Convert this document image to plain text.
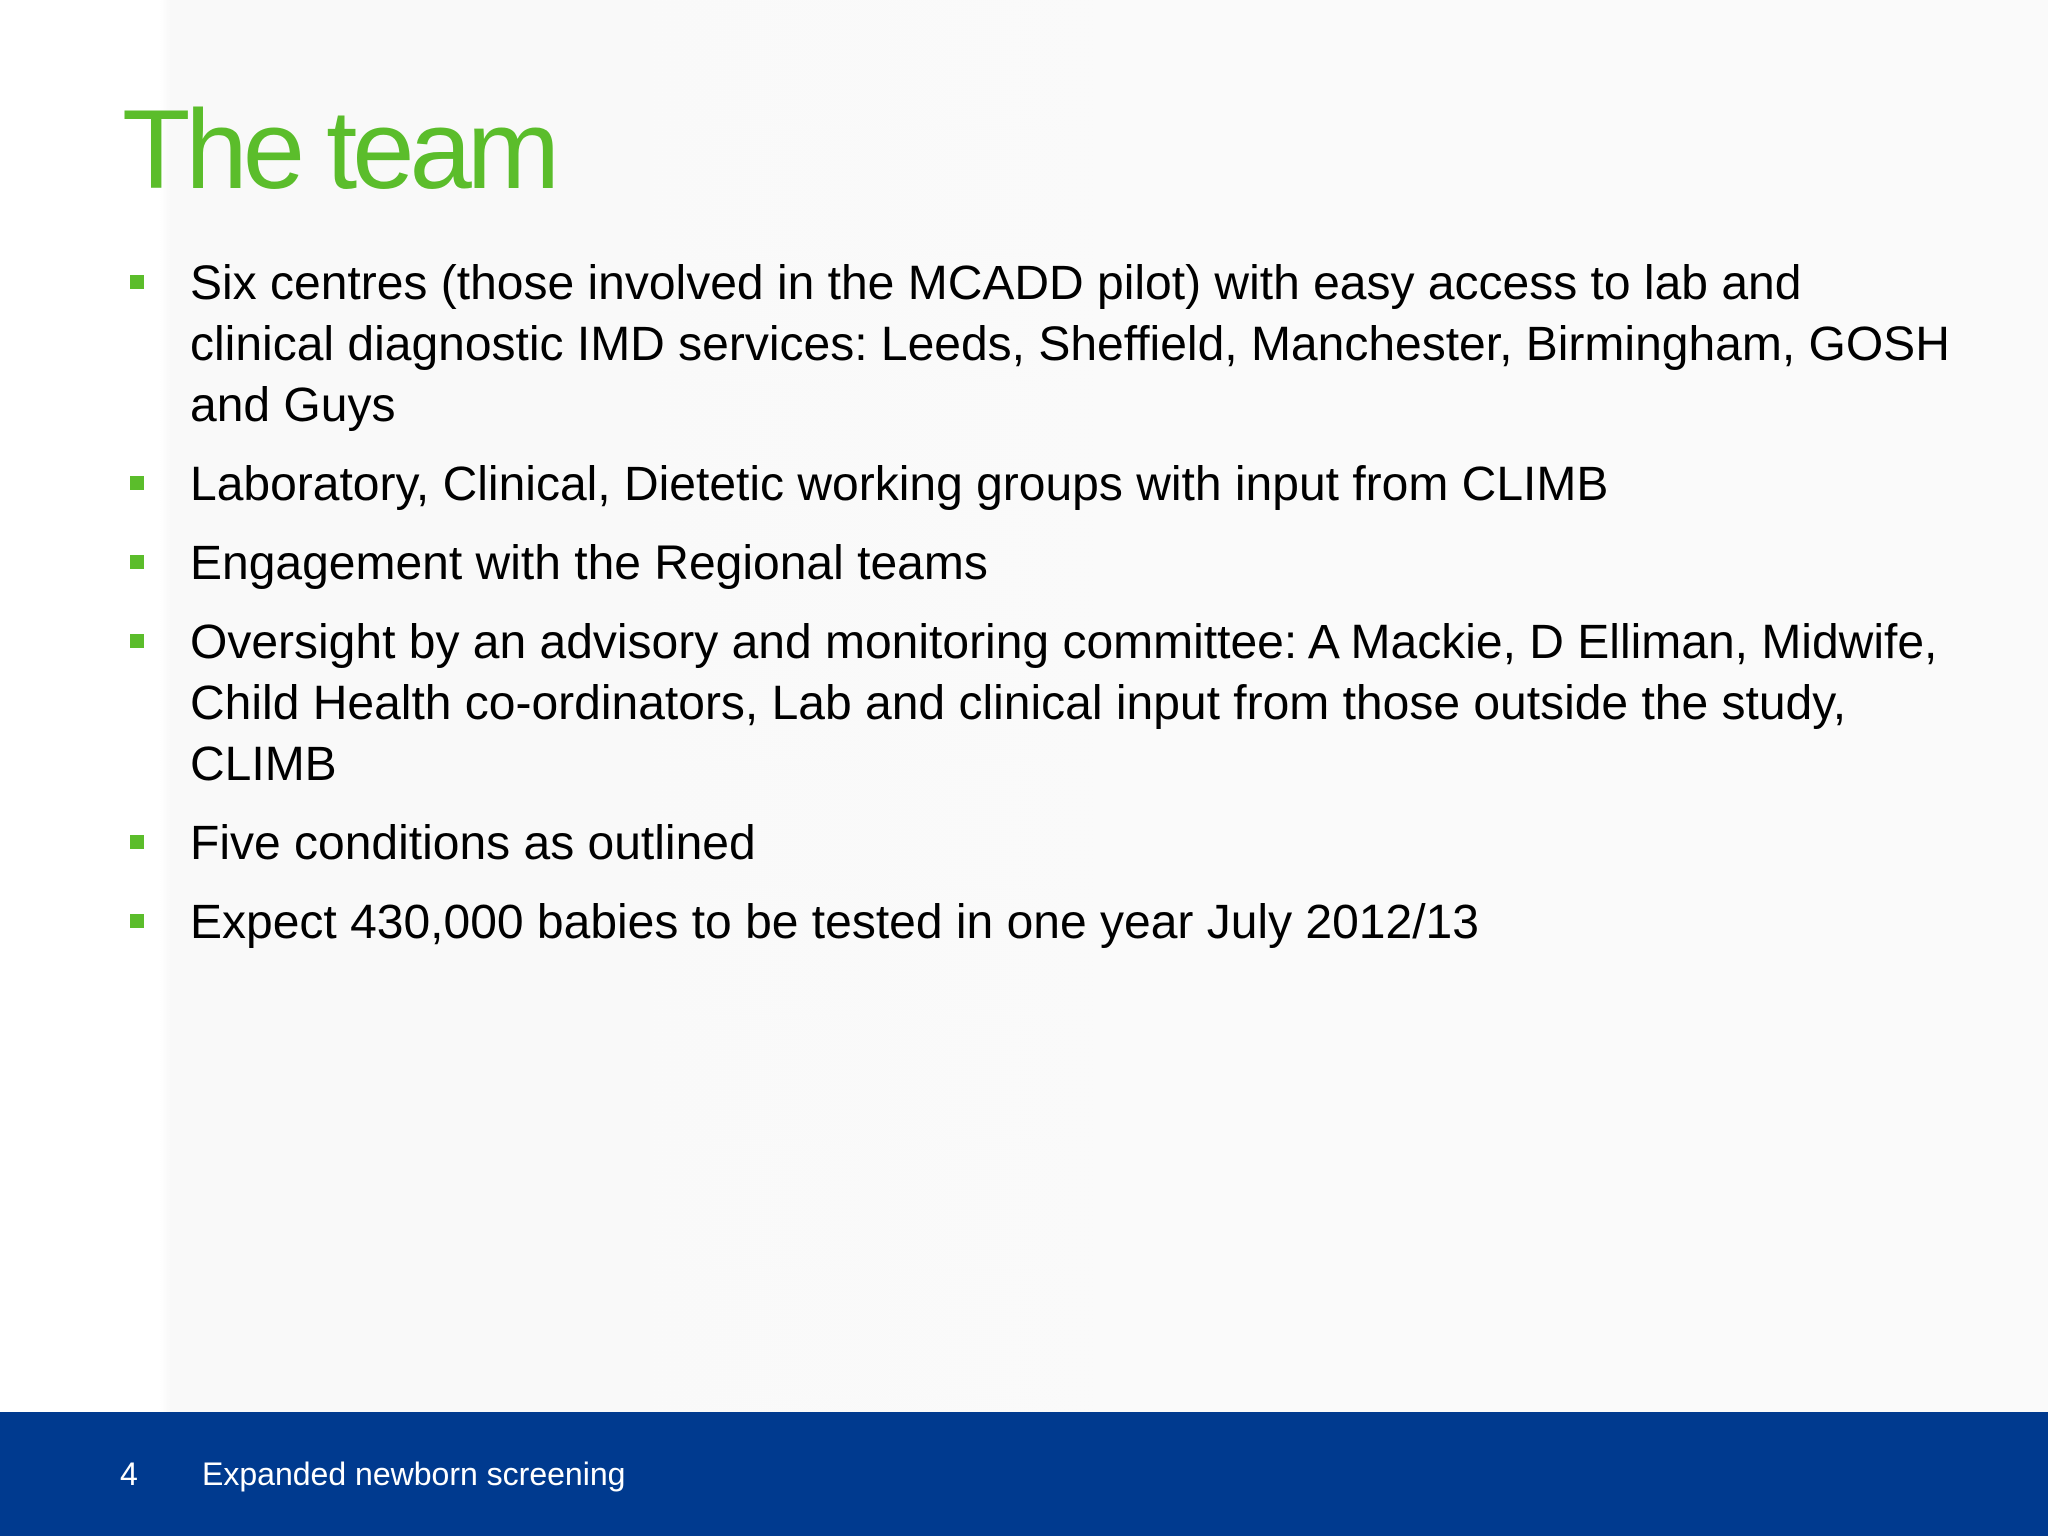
The team
Six centres (those involved in the MCADD pilot) with easy access to lab and clinical diagnostic IMD services: Leeds, Sheffield, Manchester, Birmingham, GOSH and Guys
Laboratory, Clinical, Dietetic working groups with input from CLIMB
Engagement with the Regional teams
Oversight by an advisory and monitoring committee: A Mackie, D Elliman, Midwife, Child Health co-ordinators, Lab and clinical input from those outside the study, CLIMB
Five conditions as outlined
Expect 430,000 babies to be tested in one year July 2012/13
4 Expanded newborn screening
